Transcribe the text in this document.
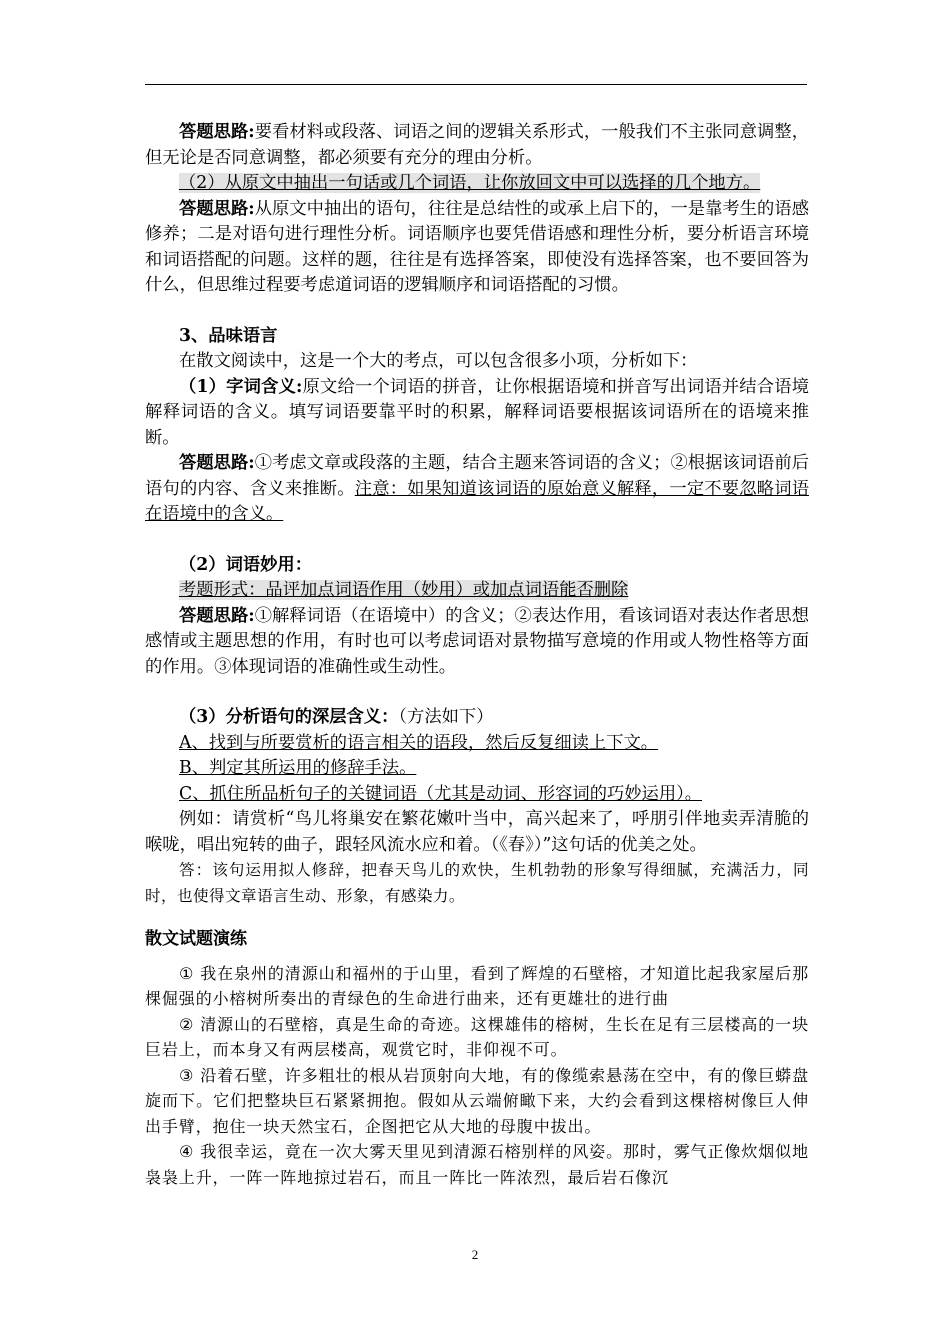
答题思路:要看材料或段落、词语之间的逻辑关系形式，一般我们不主张同意调整，但无论是否同意调整，都必须要有充分的理由分析。

（2）从原文中抽出一句话或几个词语，让你放回文中可以选择的几个地方。

答题思路:从原文中抽出的语句，往往是总结性的或承上启下的，一是靠考生的语感修养；二是对语句进行理性分析。词语顺序也要凭借语感和理性分析，要分析语言环境和词语搭配的问题。这样的题，往往是有选择答案，即使没有选择答案，也不要回答为什么，但思维过程要考虑道词语的逻辑顺序和词语搭配的习惯。

3、品味语言

在散文阅读中，这是一个大的考点，可以包含很多小项，分析如下：

（1）字词含义:原文给一个词语的拼音，让你根据语境和拼音写出词语并结合语境解释词语的含义。填写词语要靠平时的积累，解释词语要根据该词语所在的语境来推断。

答题思路:①考虑文章或段落的主题，结合主题来答词语的含义；②根据该词语前后语句的内容、含义来推断。注意：如果知道该词语的原始意义解释，一定不要忽略词语在语境中的含义。

（2）词语妙用：

考题形式：品评加点词语作用（妙用）或加点词语能否删除

答题思路:①解释词语（在语境中）的含义；②表达作用，看该词语对表达作者思想感情或主题思想的作用，有时也可以考虑词语对景物描写意境的作用或人物性格等方面的作用。③体现词语的准确性或生动性。

（3）分析语句的深层含义：（方法如下）

A、找到与所要赏析的语言相关的语段，然后反复细读上下文。

B、判定其所运用的修辞手法。

C、抓住所品析句子的关键词语（尤其是动词、形容词的巧妙运用）。

例如：请赏析“鸟儿将巢安在繁花嫩叶当中，高兴起来了，呼朋引伴地卖弄清脆的喉咙，唱出宛转的曲子，跟轻风流水应和着。（《春》）”这句话的优美之处。

答：该句运用拟人修辞，把春天鸟儿的欢快，生机勃勃的形象写得细腻，充满活力，同时，也使得文章语言生动、形象，有感染力。

散文试题演练

① 我在泉州的清源山和福州的于山里，看到了辉煌的石壁榕，才知道比起我家屋后那棵倔强的小榕树所奏出的青绿色的生命进行曲来，还有更雄壮的进行曲

② 清源山的石壁榕，真是生命的奇迹。这棵雄伟的榕树，生长在足有三层楼高的一块巨岩上，而本身又有两层楼高，观赏它时，非仰视不可。

③ 沿着石壁，许多粗壮的根从岩顶射向大地，有的像缆索悬荡在空中，有的像巨蟒盘旋而下。它们把整块巨石紧紧拥抱。假如从云端俯瞰下来，大约会看到这棵榕树像巨人伸出手臂，抱住一块天然宝石，企图把它从大地的母腹中拔出。

④ 我很幸运，竟在一次大雾天里见到清源石榕别样的风姿。那时，雾气正像炊烟似地袅袅上升，一阵一阵地掠过岩石，而且一阵比一阵浓烈，最后岩石像沉

2
